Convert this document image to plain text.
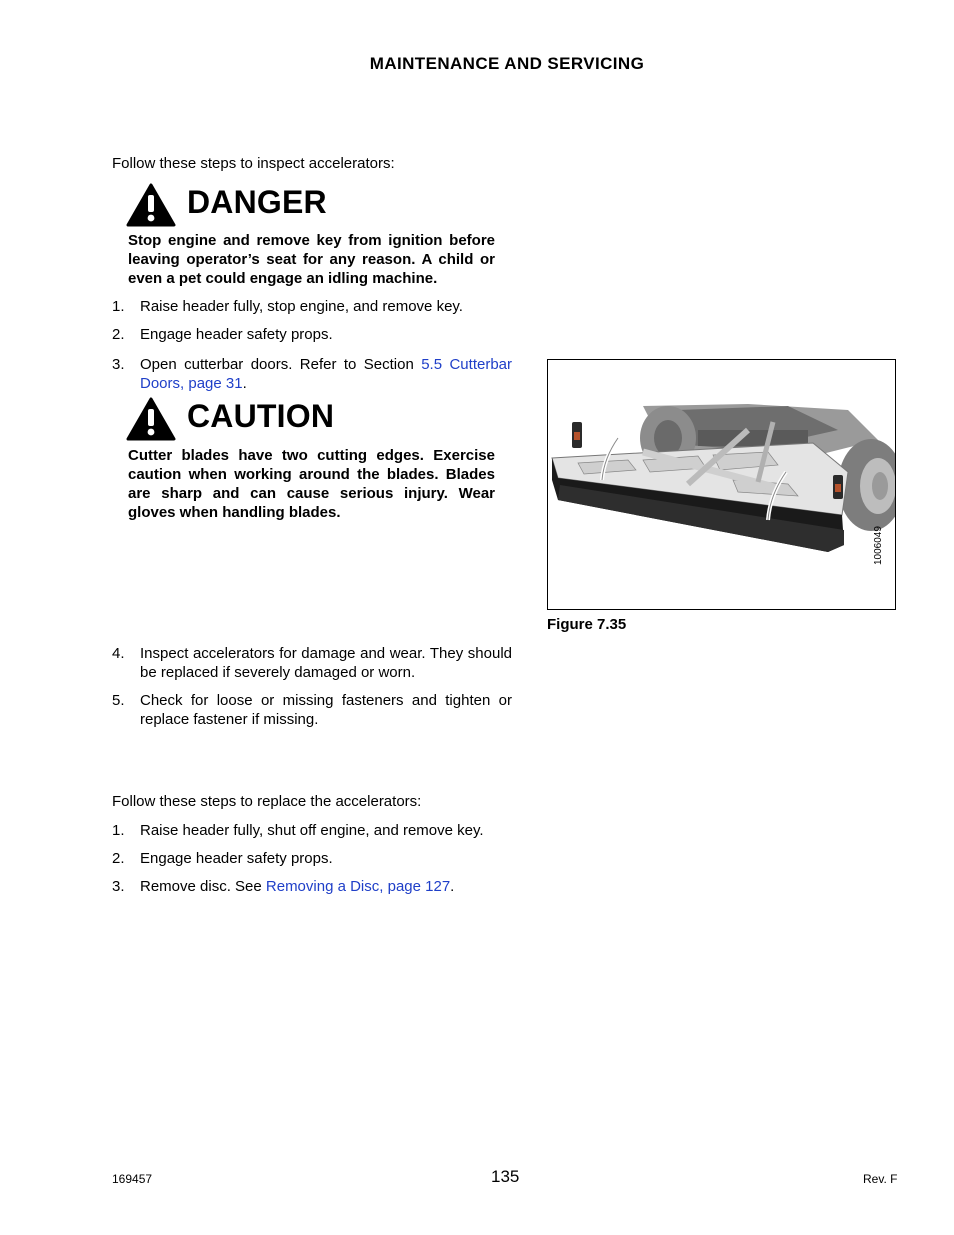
MAINTENANCE AND SERVICING
Follow these steps to inspect accelerators:
DANGER
Stop engine and remove key from ignition before leaving operator’s seat for any reason. A child or even a pet could engage an idling machine.
1. Raise header fully, stop engine, and remove key.
2. Engage header safety props.
3. Open cutterbar doors. Refer to Section 5.5 Cutterbar Doors, page 31.
CAUTION
Cutter blades have two cutting edges. Exercise caution when working around the blades. Blades are sharp and can cause serious injury. Wear gloves when handling blades.
1006049
Figure 7.35
4. Inspect accelerators for damage and wear. They should be replaced if severely damaged or worn.
5. Check for loose or missing fasteners and tighten or replace fastener if missing.
Follow these steps to replace the accelerators:
1. Raise header fully, shut off engine, and remove key.
2. Engage header safety props.
3. Remove disc. See Removing a Disc, page 127.
169457	135	Rev. F
